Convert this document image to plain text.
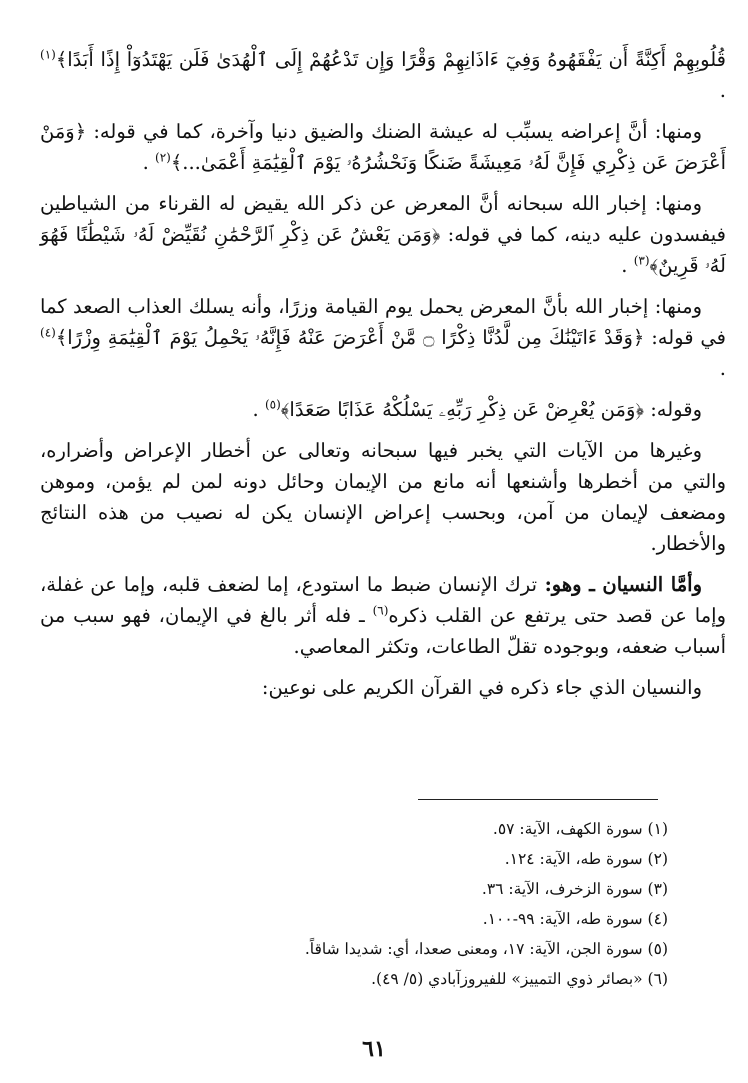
قُلُوبِهِمْ أَكِنَّةً أَن يَفْقَهُوهُ وَفِيٓ ءَاذَانِهِمْ وَقْرًا وَإِن تَدْعُهُمْ إِلَى ٱلْهُدَىٰ فَلَن يَهْتَدُوٓاْ إِذًا أَبَدًا﴾$^{(١)}$ .

ومنها: أنَّ إعراضه يسبِّب له عيشة الضنك والضيق دنيا وآخرة، كما في قوله: ﴿وَمَنْ أَعْرَضَ عَن ذِكْرِي فَإِنَّ لَهُۥ مَعِيشَةً ضَنكًا وَنَحْشُرُهُۥ يَوْمَ ٱلْقِيَٰمَةِ أَعْمَىٰ...﴾$^{(٢)}$ .

ومنها: إخبار الله سبحانه أنَّ المعرض عن ذكر الله يقيض له القرناء من الشياطين فيفسدون عليه دينه، كما في قوله: ﴿وَمَن يَعْشُ عَن ذِكْرِ ٱلرَّحْمَٰنِ نُقَيِّضْ لَهُۥ شَيْطَٰنًا فَهُوَ لَهُۥ قَرِينٌ﴾$^{(٣)}$ .

ومنها: إخبار الله بأنَّ المعرض يحمل يوم القيامة وزرًا، وأنه يسلك العذاب الصعد كما في قوله: ﴿وَقَدْ ءَاتَيْنَٰكَ مِن لَّدُنَّا ذِكْرًا ۝ مَّنْ أَعْرَضَ عَنْهُ فَإِنَّهُۥ يَحْمِلُ يَوْمَ ٱلْقِيَٰمَةِ وِزْرًا﴾$^{(٤)}$ .

وقوله: ﴿وَمَن يُعْرِضْ عَن ذِكْرِ رَبِّهِۦ يَسْلُكْهُ عَذَابًا صَعَدًا﴾$^{(٥)}$ .

وغيرها من الآيات التي يخبر فيها سبحانه وتعالى عن أخطار الإعراض وأضراره، والتي من أخطرها وأشنعها أنه مانع من الإيمان وحائل دونه لمن لم يؤمن، وموهن ومضعف لإيمان من آمن، وبحسب إعراض الإنسان يكن له نصيب من هذه النتائج والأخطار.

وأمَّا النسيان ـ وهو: ترك الإنسان ضبط ما استودع، إما لضعف قلبه، وإما عن غفلة، وإما عن قصد حتى يرتفع عن القلب ذكره$^{(٦)}$ ـ فله أثر بالغ في الإيمان، فهو سبب من أسباب ضعفه، وبوجوده تقلّ الطاعات، وتكثر المعاصي.

والنسيان الذي جاء ذكره في القرآن الكريم على نوعين:

(١) سورة الكهف، الآية: ٥٧.

(٢) سورة طه، الآية: ١٢٤.

(٣) سورة الزخرف، الآية: ٣٦.

(٤) سورة طه، الآية: ٩٩-١٠٠.

(٥) سورة الجن، الآية: ١٧، ومعنى صعدا، أي: شديدا شاقاً.

(٦) «بصائر ذوي التمييز» للفيروزآبادي (٥/ ٤٩).

٦١
